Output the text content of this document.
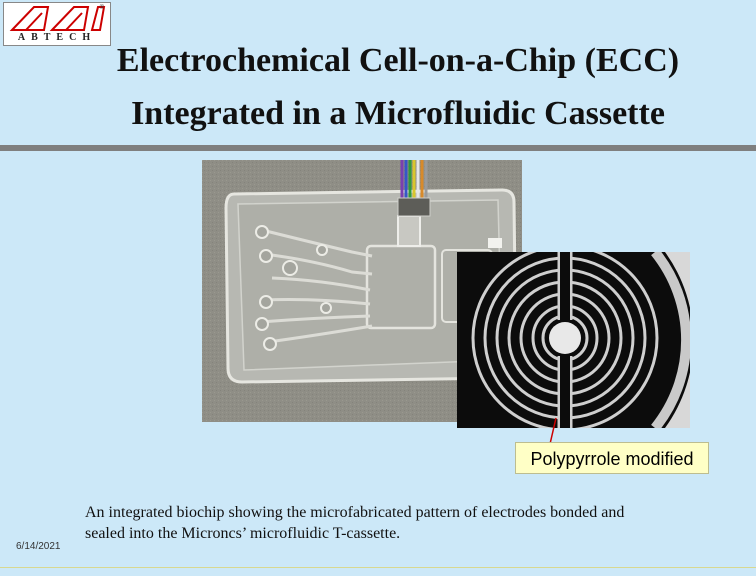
®
ABTECH
Electrochemical Cell-on-a-Chip (ECC)
Integrated in a Microfluidic Cassette
Polypyrrole modified

An integrated biochip showing the microfabricated pattern of electrodes bonded and
sealed into the Microncs’ microfluidic T-cassette.

6/14/2021
